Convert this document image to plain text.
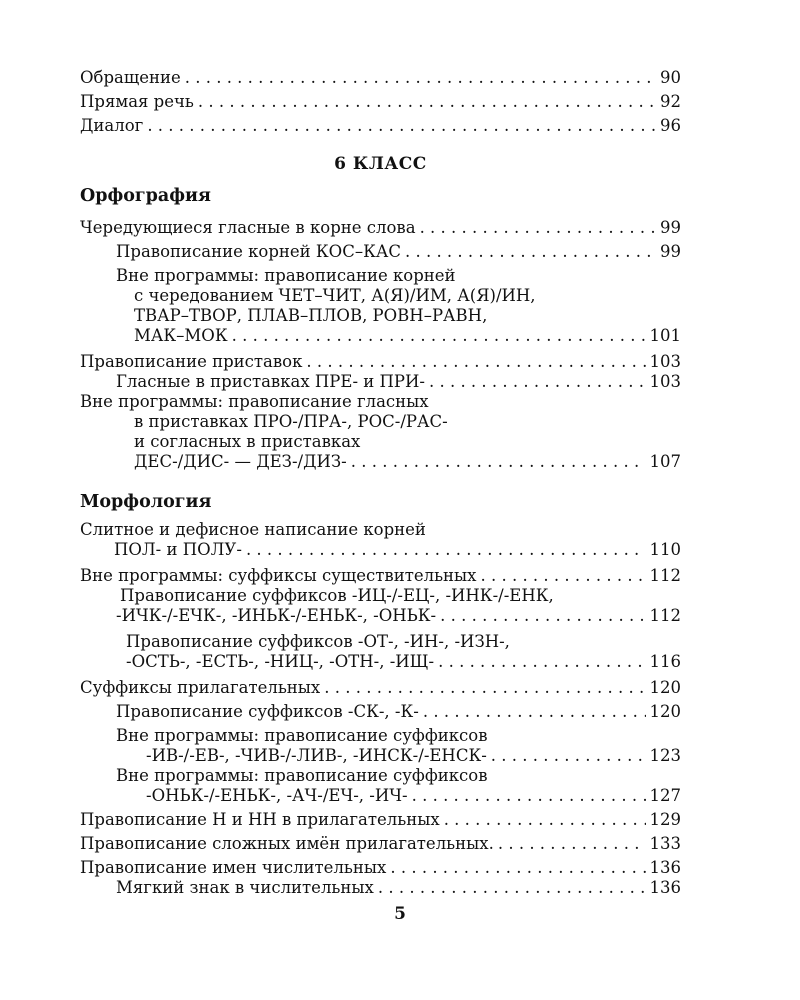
Обращение . . .	90
Прямая речь . . .	92
Диалог . . .	96
6 КЛАСС
Орфография
Чередующиеся гласные в корне слова . . .	99
Правописание корней КОС–КАС . . .	99
Вне программы: правописание корней
с чередованием ЧЕТ–ЧИТ, А(Я)/ИМ, А(Я)/ИН,
ТВАР–ТВОР, ПЛАВ–ПЛОВ, РОВН–РАВН,
МАК–МОК . . .	101
Правописание приставок . . .	103
Гласные в приставках ПРЕ- и ПРИ- . . .	103
Вне программы: правописание гласных
в приставках ПРО-/ПРА-, РОС-/РАС-
и согласных в приставках
ДЕС-/ДИС- — ДЕЗ-/ДИЗ- . . .	107
Морфология
Слитное и дефисное написание корней
ПОЛ- и ПОЛУ- . . .	110
Вне программы: суффиксы существительных . . .	112
Правописание суффиксов -ИЦ-/-ЕЦ-, -ИНК-/-ЕНК,
-ИЧК-/-ЕЧК-, -ИНЬК-/-ЕНЬК-, -ОНЬК- . . .	112
Правописание суффиксов -ОТ-, -ИН-, -ИЗН-,
-ОСТЬ-, -ЕСТЬ-, -НИЦ-, -ОТН-, -ИЩ- . . .	116
Суффиксы прилагательных . . .	120
Правописание суффиксов -СК-, -К- . . .	120
Вне программы: правописание суффиксов
-ИВ-/-ЕВ-, -ЧИВ-/-ЛИВ-, -ИНСК-/-ЕНСК- . . .	123
Вне программы: правописание суффиксов
-ОНЬК-/-ЕНЬК-, -АЧ-/ЕЧ-, -ИЧ- . . .	127
Правописание Н и НН в прилагательных . . .	129
Правописание сложных имён прилагательных. . . .	133
Правописание имен числительных . . .	136
Мягкий знак в числительных . . .	136
5
